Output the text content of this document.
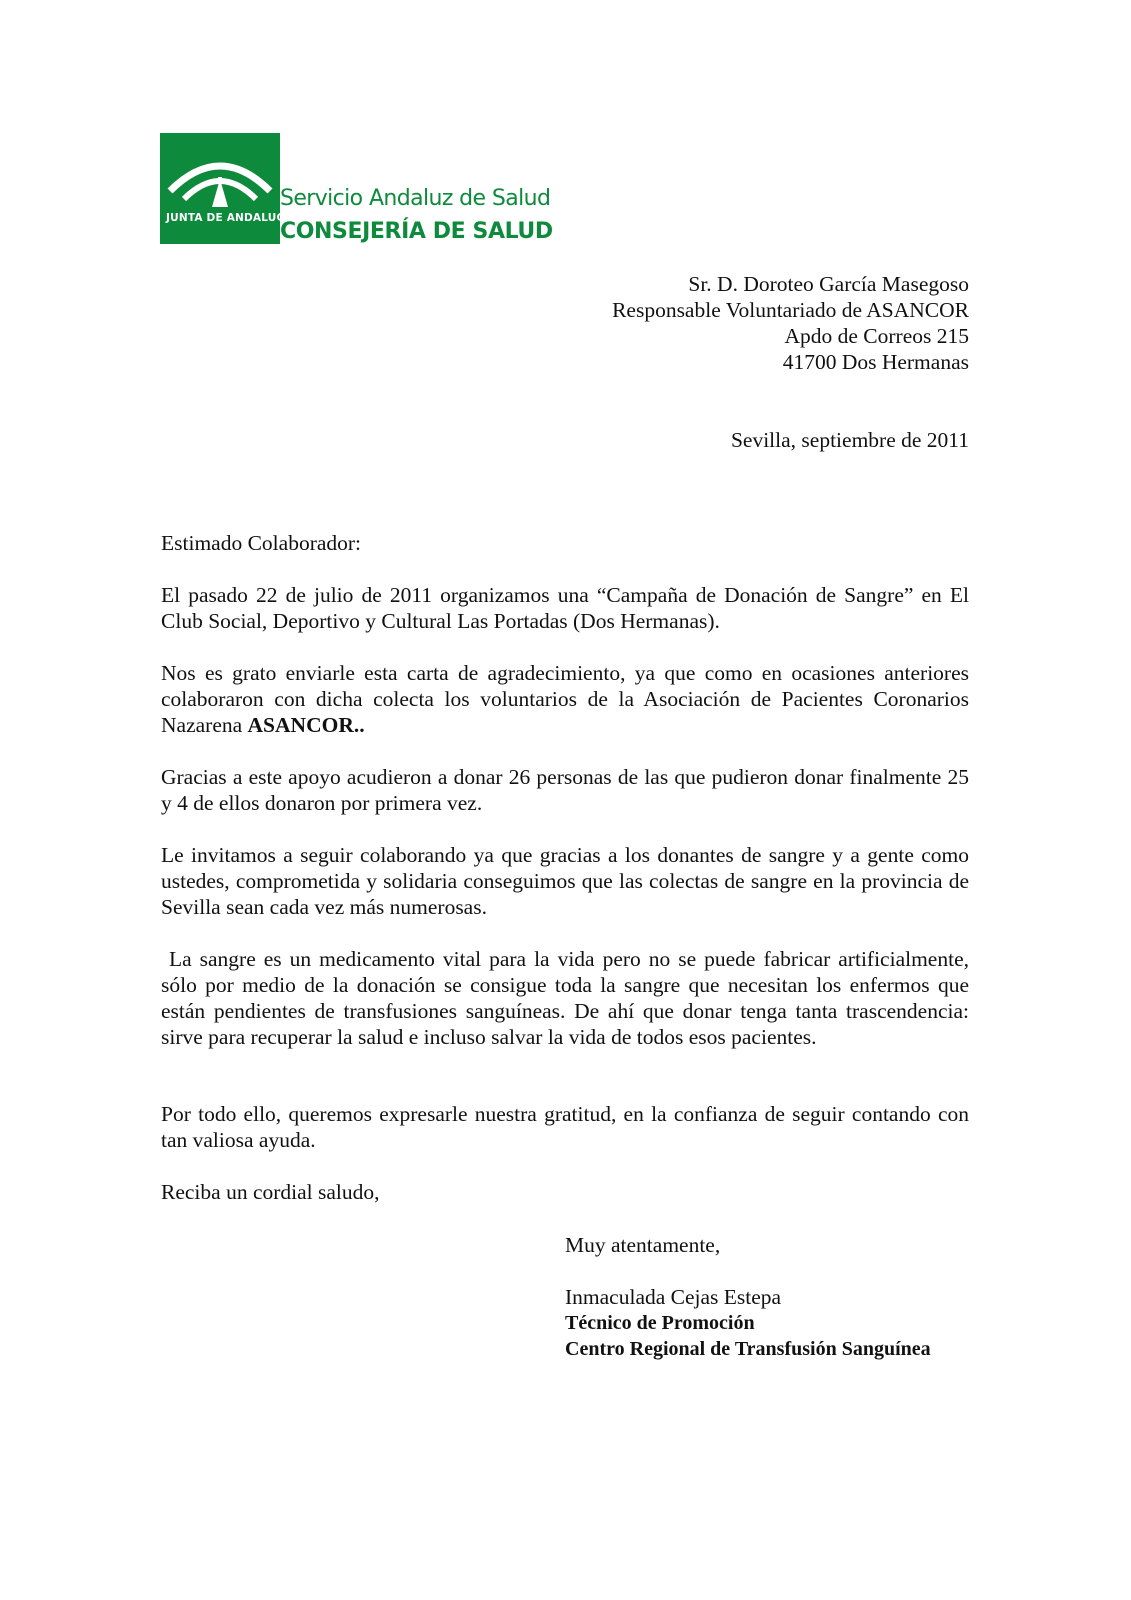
JUNTA DE ANDALUCIA
Servicio Andaluz de Salud
CONSEJERÍA DE SALUD
Sr. D. Doroteo García Masegoso
Responsable Voluntariado de ASANCOR
Apdo de Correos 215
41700 Dos Hermanas
Sevilla, septiembre de 2011

Estimado Colaborador:

El pasado 22 de julio de 2011 organizamos una “Campaña de Donación de Sangre” en El Club Social, Deportivo y Cultural Las Portadas (Dos Hermanas).

Nos es grato enviarle esta carta de agradecimiento, ya que como en ocasiones anteriores colaboraron con dicha colecta los voluntarios de la Asociación de Pacientes Coronarios Nazarena ASANCOR..

Gracias a este apoyo acudieron a donar 26 personas de las que pudieron donar finalmente 25 y 4 de ellos donaron por primera vez.

Le invitamos a seguir colaborando ya que gracias a los donantes de sangre y a gente como ustedes, comprometida y solidaria conseguimos que las colectas de sangre en la provincia de Sevilla sean cada vez más numerosas.

La sangre es un medicamento vital para la vida pero no se puede fabricar artificialmente, sólo por medio de la donación se consigue toda la sangre que necesitan los enfermos que están pendientes de transfusiones sanguíneas. De ahí que donar tenga tanta trascendencia: sirve para recuperar la salud e incluso salvar la vida de todos esos pacientes.

Por todo ello, queremos expresarle nuestra gratitud, en la confianza de seguir contando con tan valiosa ayuda.

Reciba un cordial saludo,

Muy atentamente,
Inmaculada Cejas Estepa
Técnico de Promoción
Centro Regional de Transfusión Sanguínea
